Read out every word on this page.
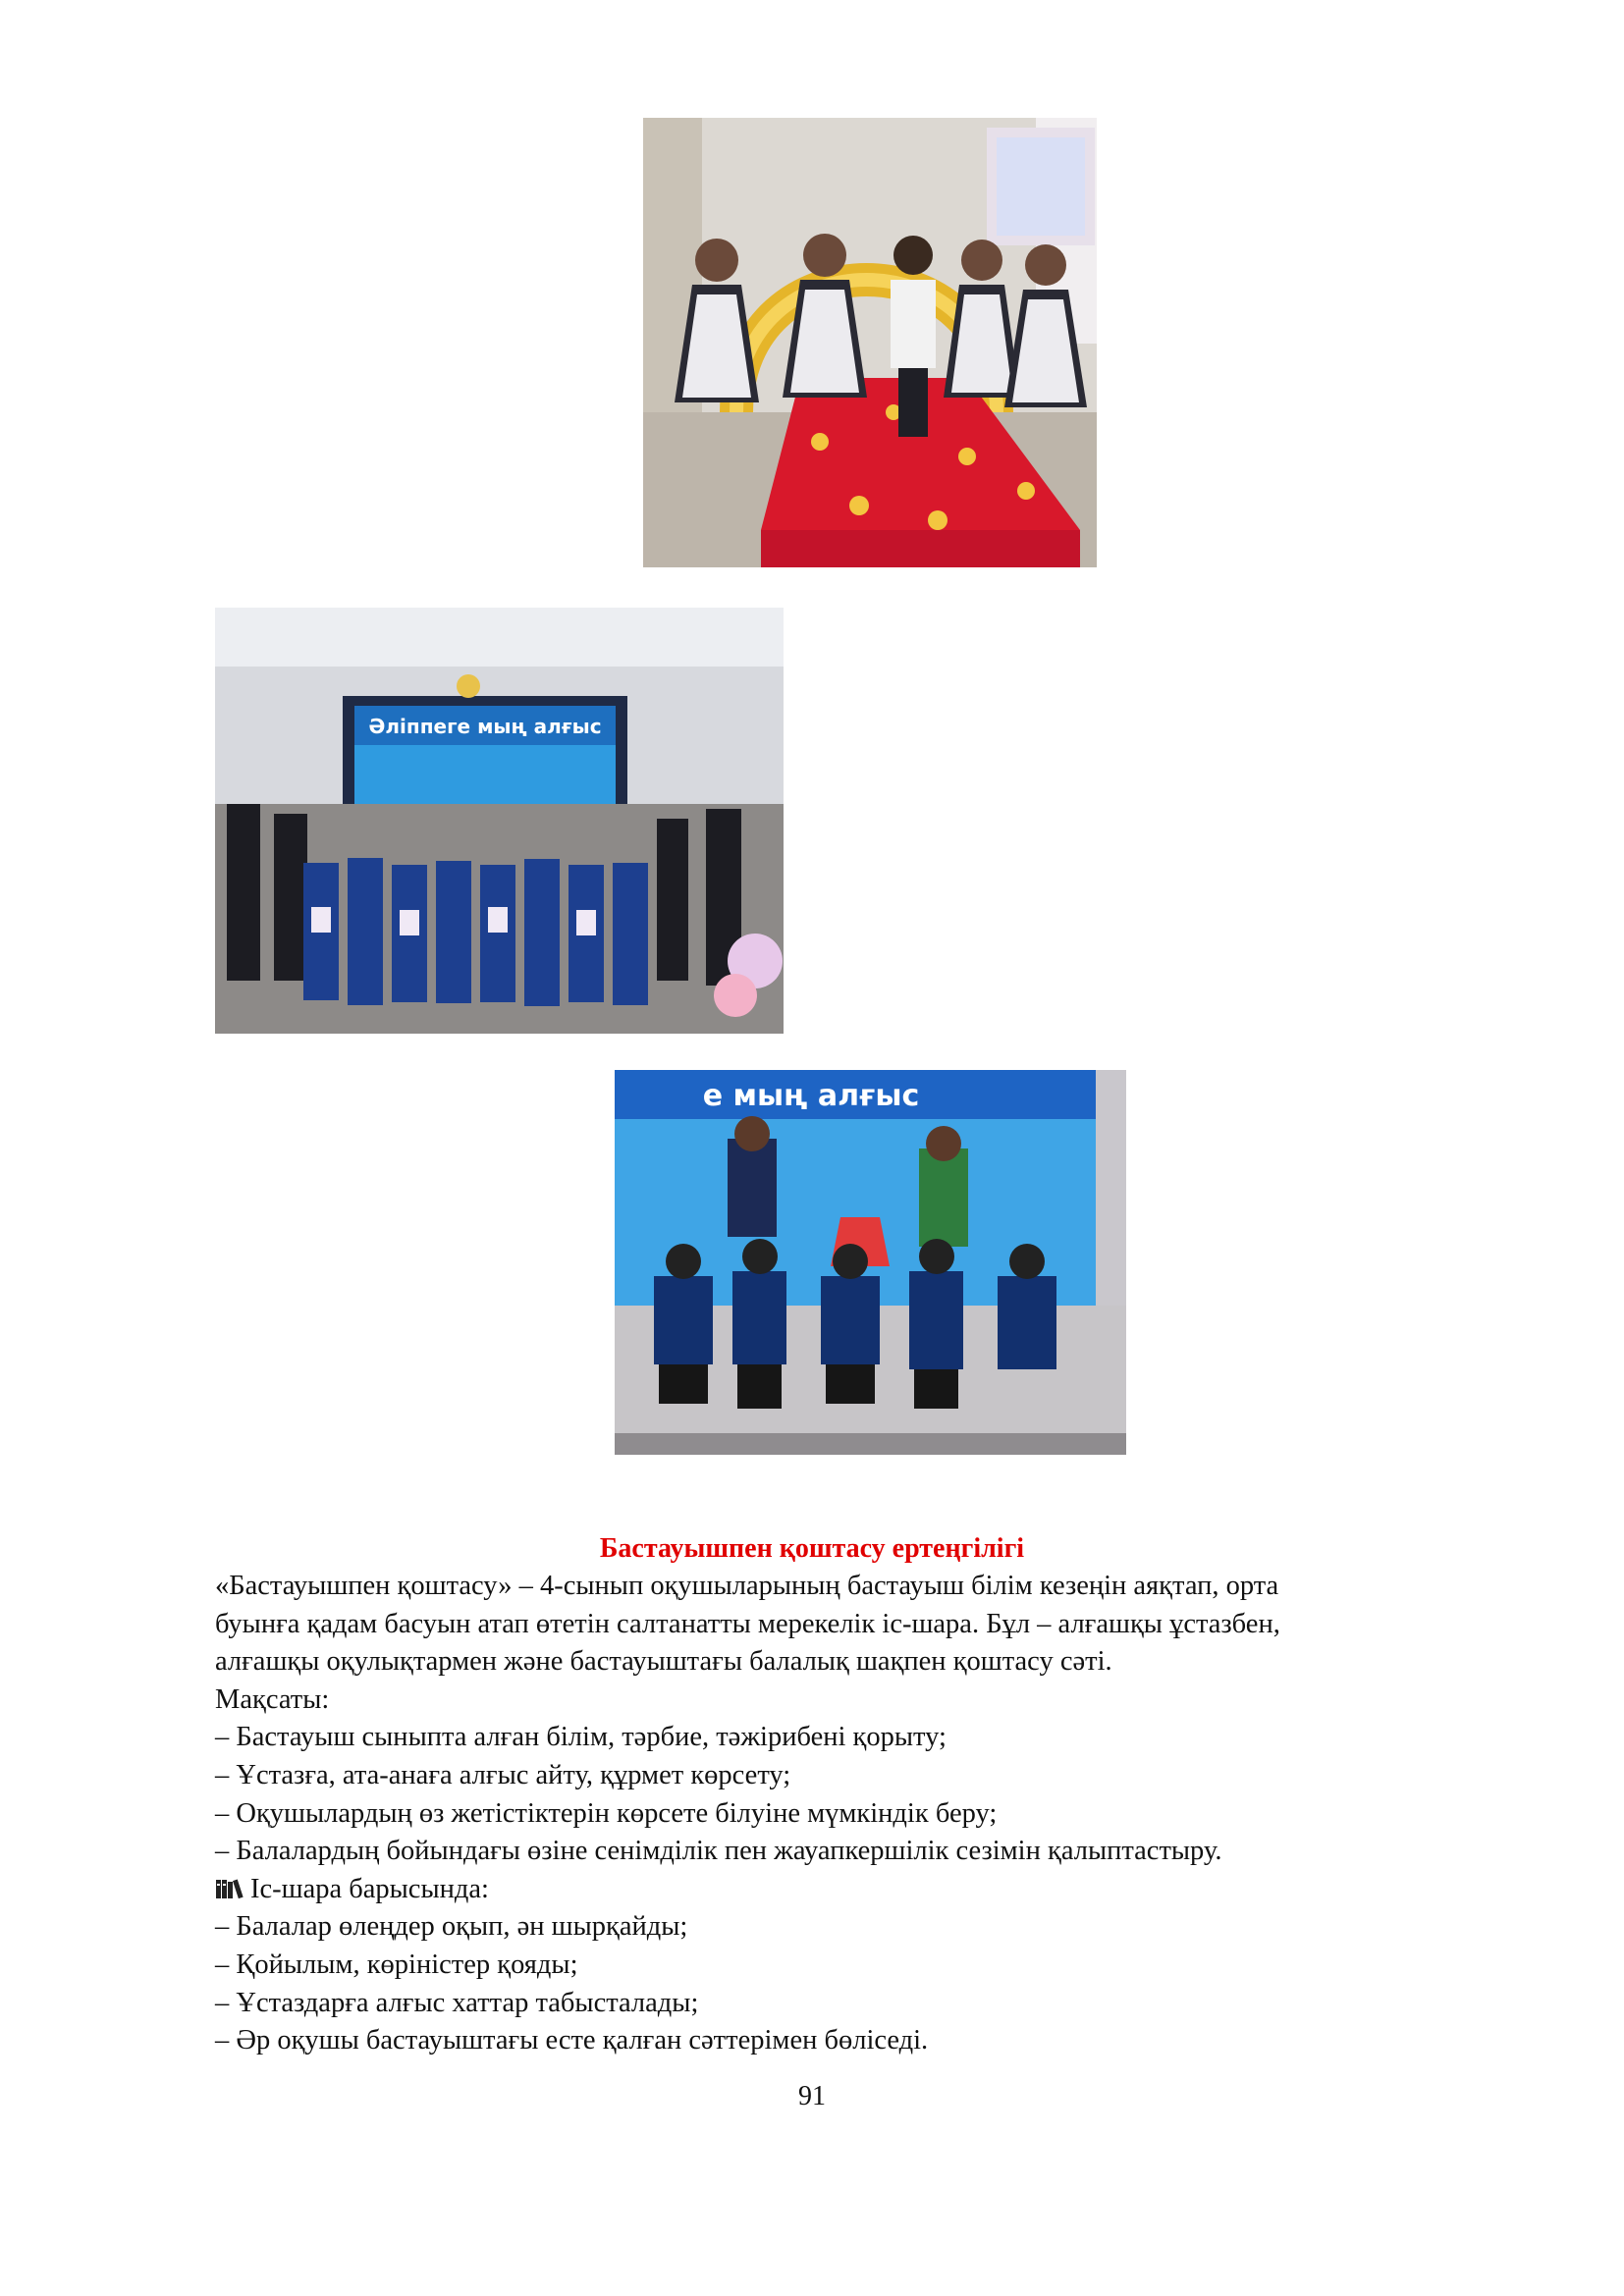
Әліппеге мың алғыс
е мың алғыс
Бастауышпен қоштасу ертеңгілігі

«Бастауышпен қоштасу» – 4-сынып оқушыларының бастауыш білім кезеңін аяқтап, орта

буынға қадам басуын атап өтетін салтанатты мерекелік іс-шара. Бұл – алғашқы ұстазбен,

алғашқы оқулықтармен және бастауыштағы балалық шақпен қоштасу сәті.

Мақсаты:

– Бастауыш сыныпта алған білім, тәрбие, тәжірибені қорыту;

– Ұстазға, ата-анаға алғыс айту, құрмет көрсету;

– Оқушылардың өз жетістіктерін көрсете білуіне мүмкіндік беру;

– Балалардың бойындағы өзіне сенімділік пен жауапкершілік сезімін қалыптастыру.

Іс-шара барысында:

– Балалар өлеңдер оқып, ән шырқайды;

– Қойылым, көріністер қояды;

– Ұстаздарға алғыс хаттар табысталады;

– Әр оқушы бастауыштағы есте қалған сәттерімен бөліседі.

91
